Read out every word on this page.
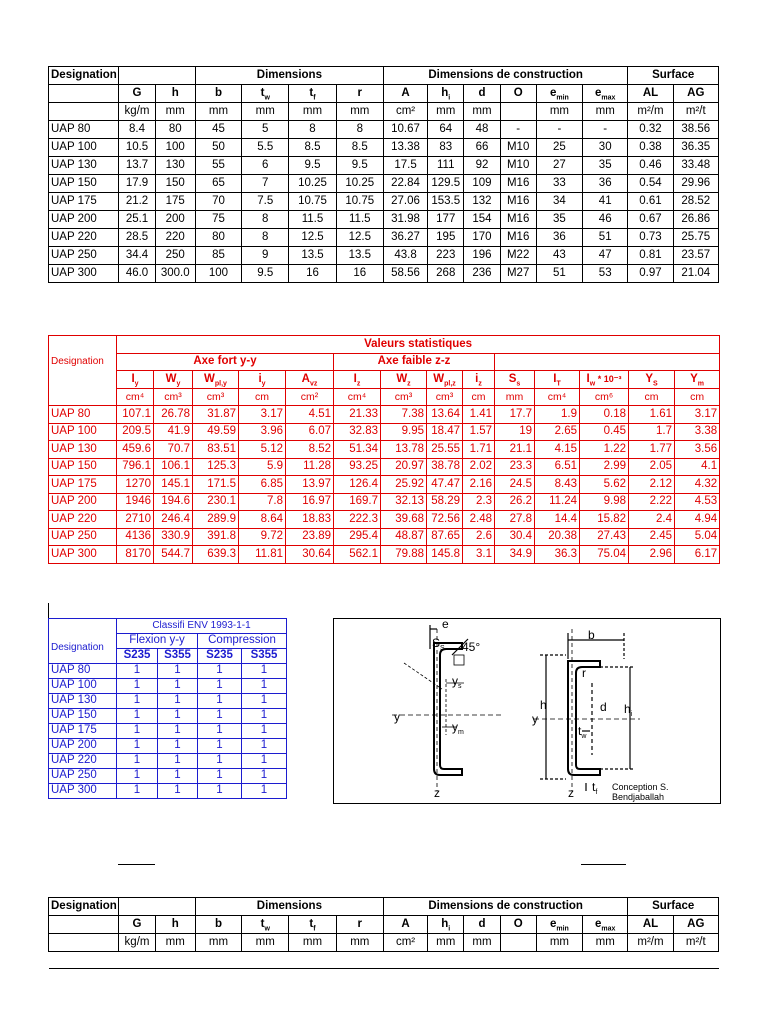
Designation			Dimensions				Dimensions de construction						Surface	
	G	h	b	$t_w$	$t_f$	r	A	$h_i$	d	O	$e_{min}$	$e_{max}$	AL	AG
	kg/m	mm	mm	mm	mm	mm	cm²	mm	mm		mm	mm	m²/m	m²/t
UAP 80	8.4	80	45	5	8	8	10.67	64	48	-	-	-	0.32	38.56
UAP 100	10.5	100	50	5.5	8.5	8.5	13.38	83	66	M10	25	30	0.38	36.35
UAP 130	13.7	130	55	6	9.5	9.5	17.5	111	92	M10	27	35	0.46	33.48
UAP 150	17.9	150	65	7	10.25	10.25	22.84	129.5	109	M16	33	36	0.54	29.96
UAP 175	21.2	175	70	7.5	10.75	10.75	27.06	153.5	132	M16	34	41	0.61	28.52
UAP 200	25.1	200	75	8	11.5	11.5	31.98	177	154	M16	35	46	0.67	26.86
UAP 220	28.5	220	80	8	12.5	12.5	36.27	195	170	M16	36	51	0.73	25.75
UAP 250	34.4	250	85	9	13.5	13.5	43.8	223	196	M22	43	47	0.81	23.57
UAP 300	46.0	300.0	100	9.5	16	16	58.56	268	236	M27	51	53	0.97	21.04
	Valeurs statistiques													
Designation	Axe fort y-y					Axe faible z-z								
	$I_y$	$W_y$	$W_{pl,y}$	$i_y$	$A_{vz}$	$I_z$	$W_z$	$W_{pl,z}$	$i_z$	$S_s$	$I_T$	$I_w * 10^{-3}$	$Y_S$	$Y_m$
	cm⁴	cm³	cm³	cm	cm²	cm⁴	cm³	cm³	cm	mm	cm⁴	cm⁶	cm	cm
UAP 80	107.1	26.78	31.87	3.17	4.51	21.33	7.38	13.64	1.41	17.7	1.9	0.18	1.61	3.17
UAP 100	209.5	41.9	49.59	3.96	6.07	32.83	9.95	18.47	1.57	19	2.65	0.45	1.7	3.38
UAP 130	459.6	70.7	83.51	5.12	8.52	51.34	13.78	25.55	1.71	21.1	4.15	1.22	1.77	3.56
UAP 150	796.1	106.1	125.3	5.9	11.28	93.25	20.97	38.78	2.02	23.3	6.51	2.99	2.05	4.1
UAP 175	1270	145.1	171.5	6.85	13.97	126.4	25.92	47.47	2.16	24.5	8.43	5.62	2.12	4.32
UAP 200	1946	194.6	230.1	7.8	16.97	169.7	32.13	58.29	2.3	26.2	11.24	9.98	2.22	4.53
UAP 220	2710	246.4	289.9	8.64	18.83	222.3	39.68	72.56	2.48	27.8	14.4	15.82	2.4	4.94
UAP 250	4136	330.9	391.8	9.72	23.89	295.4	48.87	87.65	2.6	30.4	20.38	27.43	2.45	5.04
UAP 300	8170	544.7	639.3	11.81	30.64	562.1	79.88	145.8	3.1	34.9	36.3	75.04	2.96	6.17
	Classifi ENV 1993-1-1			
Designation	Flexion y-y		Compression	
	S235	S355	S235	S355
UAP 80	1	1	1	1
UAP 100	1	1	1	1
UAP 130	1	1	1	1
UAP 150	1	1	1	1
UAP 175	1	1	1	1
UAP 200	1	1	1	1
UAP 220	1	1	1	1
UAP 250	1	1	1	1
UAP 300	1	1	1	1
e
$S_S$ 45°
y
$y_s$
$y_m$
z
b
r
h
y
d $h_i$
$t_w$
$t_f$
z	Conception S.
Bendjaballah
Designation			Dimensions				Dimensions de construction						Surface	
	G	h	b	$t_w$	$t_f$	r	A	$h_i$	d	O	$e_{min}$	$e_{max}$	AL	AG
	kg/m	mm	mm	mm	mm	mm	cm²	mm	mm		mm	mm	m²/m	m²/t
